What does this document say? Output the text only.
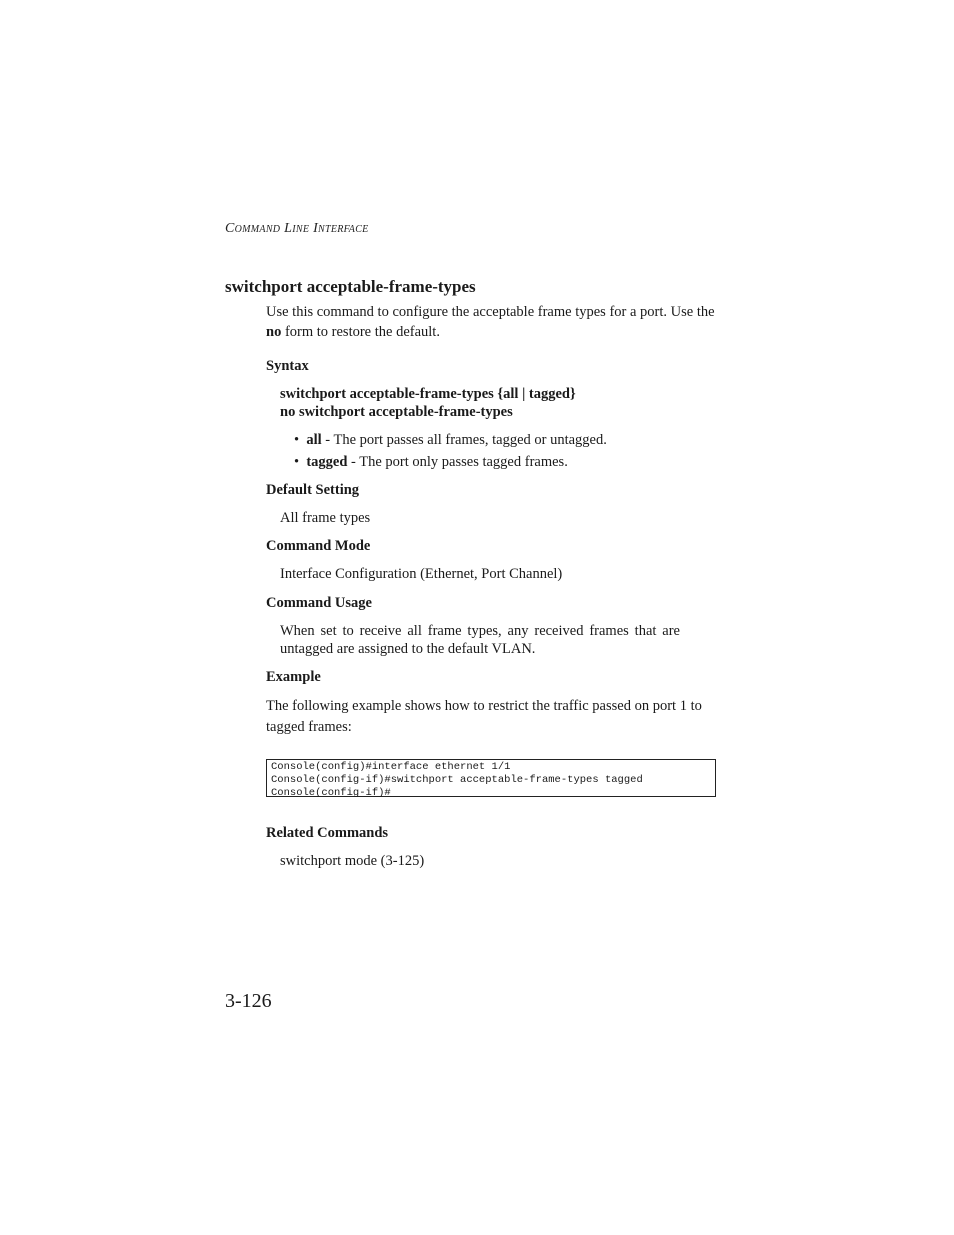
COMMAND LINE INTERFACE
switchport acceptable-frame-types
Use this command to configure the acceptable frame types for a port. Use the no form to restore the default.
Syntax
switchport acceptable-frame-types {all | tagged}
no switchport acceptable-frame-types
•  all - The port passes all frames, tagged or untagged.
•  tagged - The port only passes tagged frames.
Default Setting
All frame types
Command Mode
Interface Configuration (Ethernet, Port Channel)
Command Usage
When set to receive all frame types, any received frames that are untagged are assigned to the default VLAN.
Example
The following example shows how to restrict the traffic passed on port 1 to tagged frames:
Console(config)#interface ethernet 1/1
Console(config-if)#switchport acceptable-frame-types tagged
Console(config-if)#
Related Commands
switchport mode (3-125)
3-126
